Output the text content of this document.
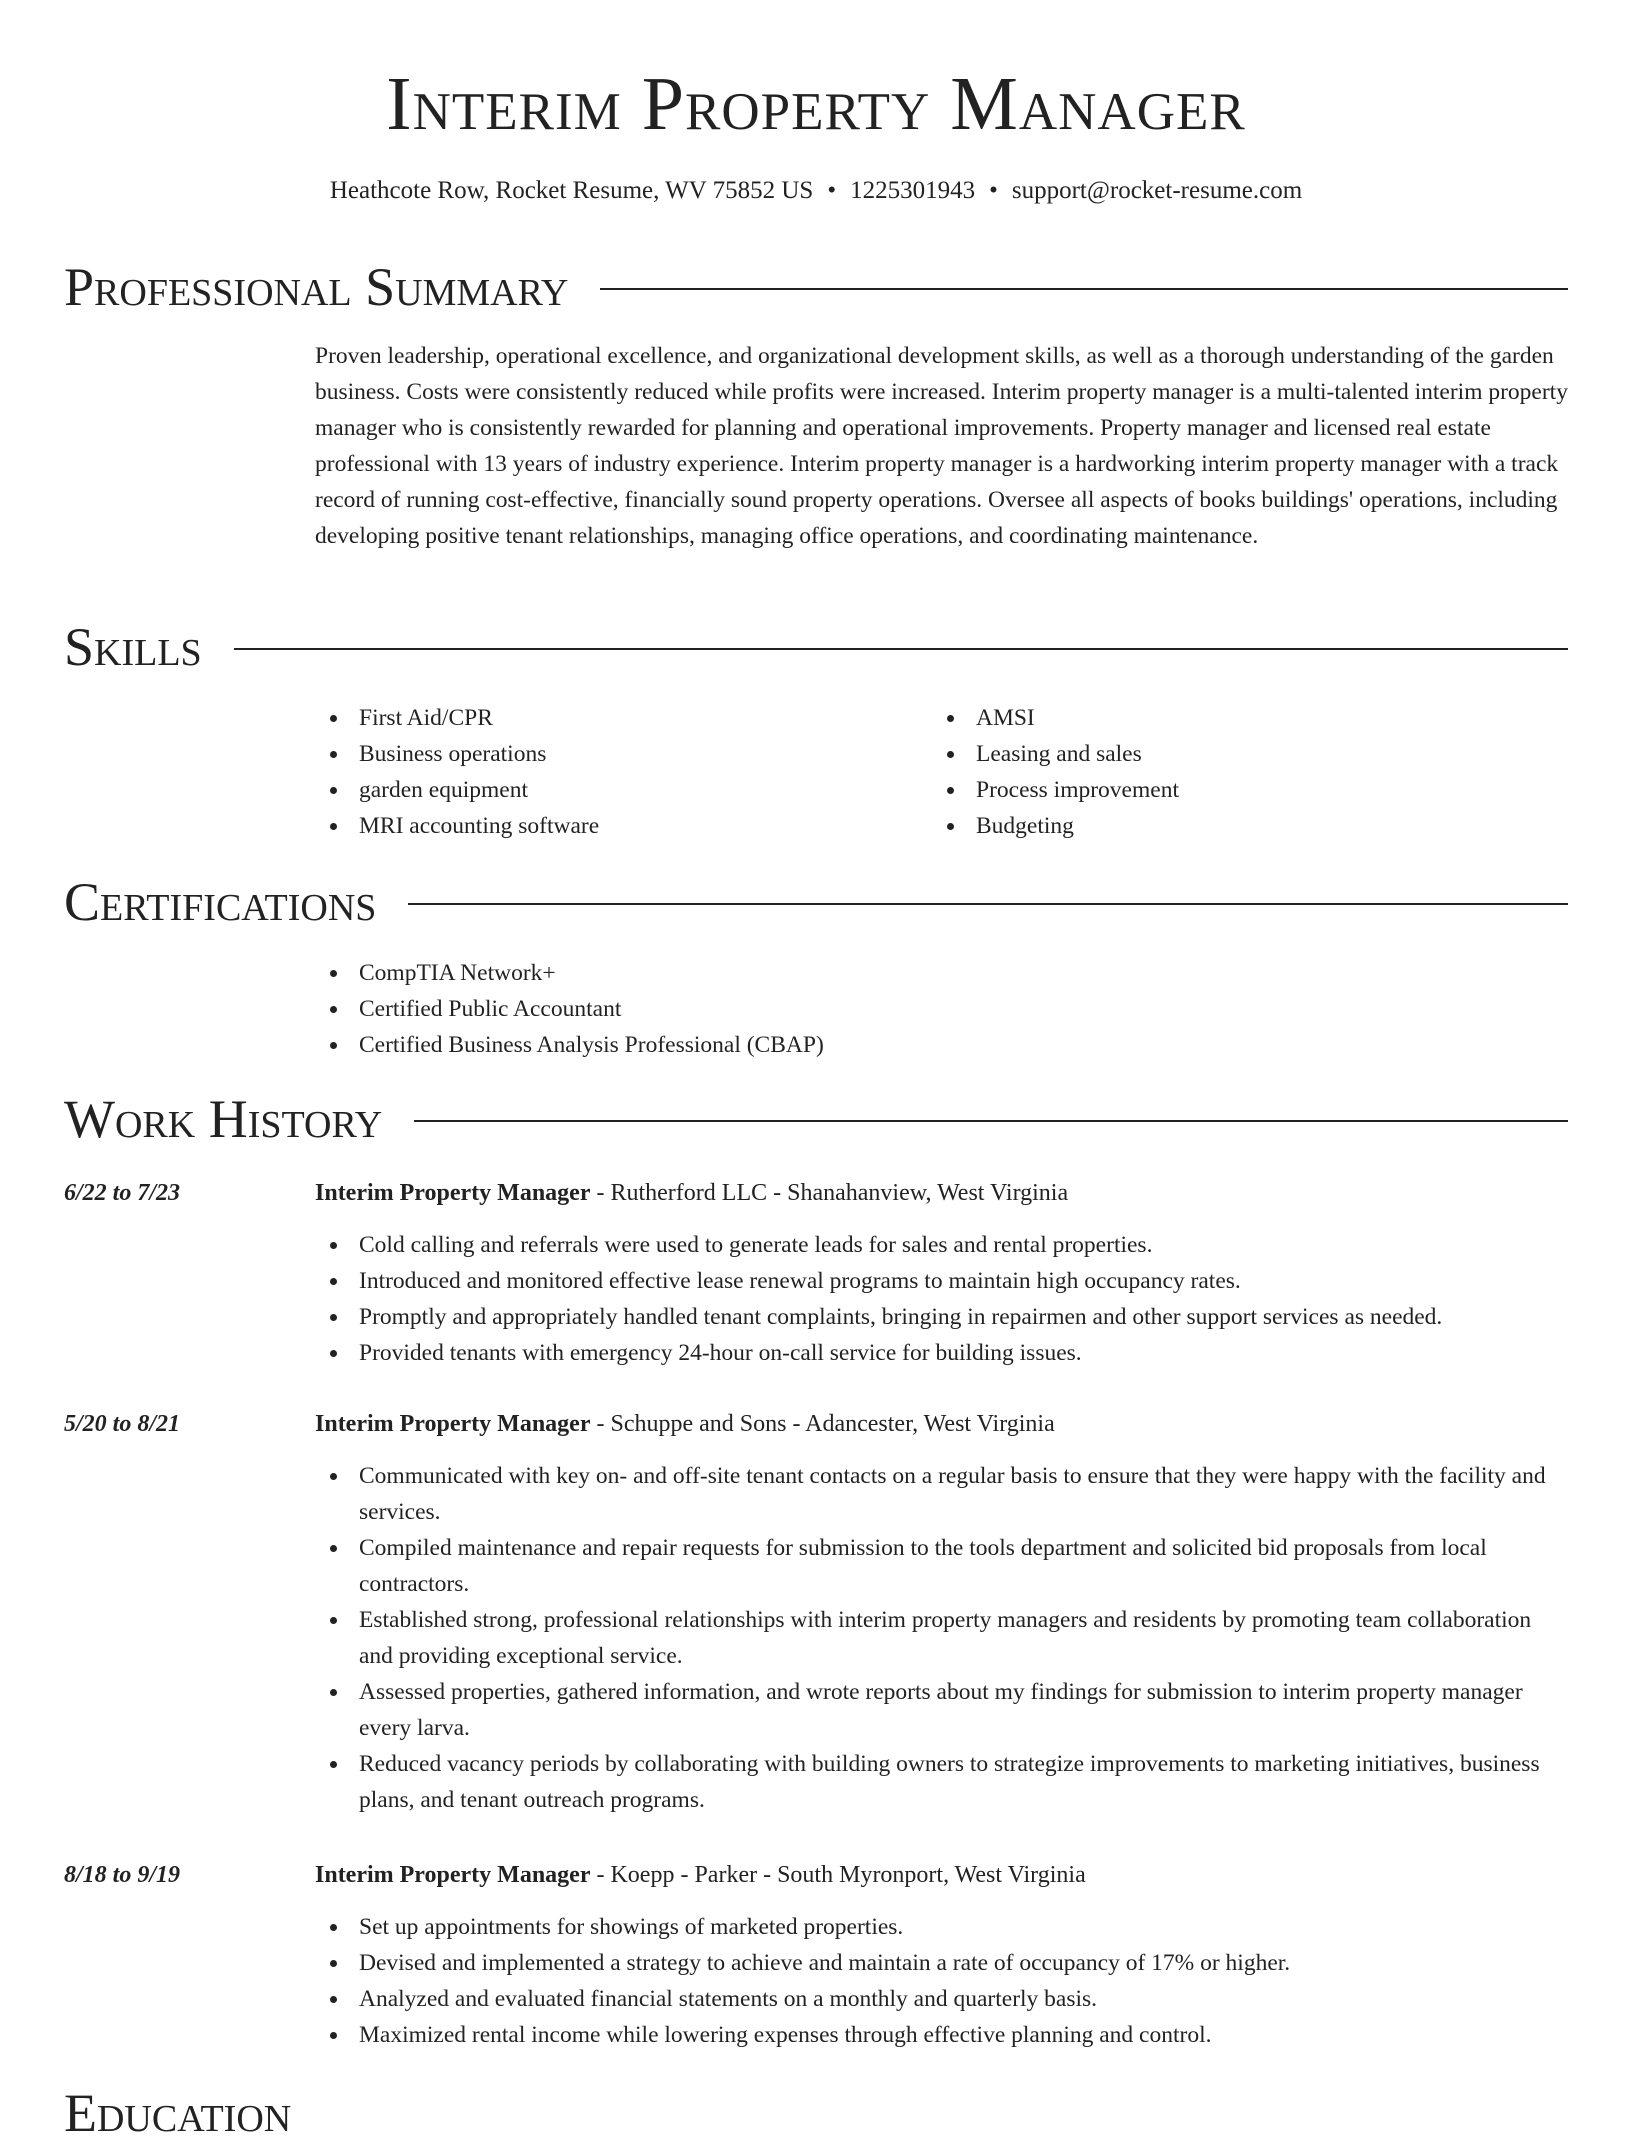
Interim Property Manager
Heathcote Row, Rocket Resume, WV 75852 US • 1225301943 • support@rocket-resume.com
Professional Summary
Proven leadership, operational excellence, and organizational development skills, as well as a thorough understanding of the garden business. Costs were consistently reduced while profits were increased. Interim property manager is a multi-talented interim property manager who is consistently rewarded for planning and operational improvements. Property manager and licensed real estate professional with 13 years of industry experience. Interim property manager is a hardworking interim property manager with a track record of running cost-effective, financially sound property operations. Oversee all aspects of books buildings' operations, including developing positive tenant relationships, managing office operations, and coordinating maintenance.
Skills
First Aid/CPR
Business operations
garden equipment
MRI accounting software
AMSI
Leasing and sales
Process improvement
Budgeting
Certifications
CompTIA Network+
Certified Public Accountant
Certified Business Analysis Professional (CBAP)
Work History
6/22 to 7/23	Interim Property Manager - Rutherford LLC - Shanahanview, West Virginia
Cold calling and referrals were used to generate leads for sales and rental properties.
Introduced and monitored effective lease renewal programs to maintain high occupancy rates.
Promptly and appropriately handled tenant complaints, bringing in repairmen and other support services as needed.
Provided tenants with emergency 24-hour on-call service for building issues.
5/20 to 8/21	Interim Property Manager - Schuppe and Sons - Adancester, West Virginia
Communicated with key on- and off-site tenant contacts on a regular basis to ensure that they were happy with the facility and services.
Compiled maintenance and repair requests for submission to the tools department and solicited bid proposals from local contractors.
Established strong, professional relationships with interim property managers and residents by promoting team collaboration and providing exceptional service.
Assessed properties, gathered information, and wrote reports about my findings for submission to interim property manager every larva.
Reduced vacancy periods by collaborating with building owners to strategize improvements to marketing initiatives, business plans, and tenant outreach programs.
8/18 to 9/19	Interim Property Manager - Koepp - Parker - South Myronport, West Virginia
Set up appointments for showings of marketed properties.
Devised and implemented a strategy to achieve and maintain a rate of occupancy of 17% or higher.
Analyzed and evaluated financial statements on a monthly and quarterly basis.
Maximized rental income while lowering expenses through effective planning and control.
Education
